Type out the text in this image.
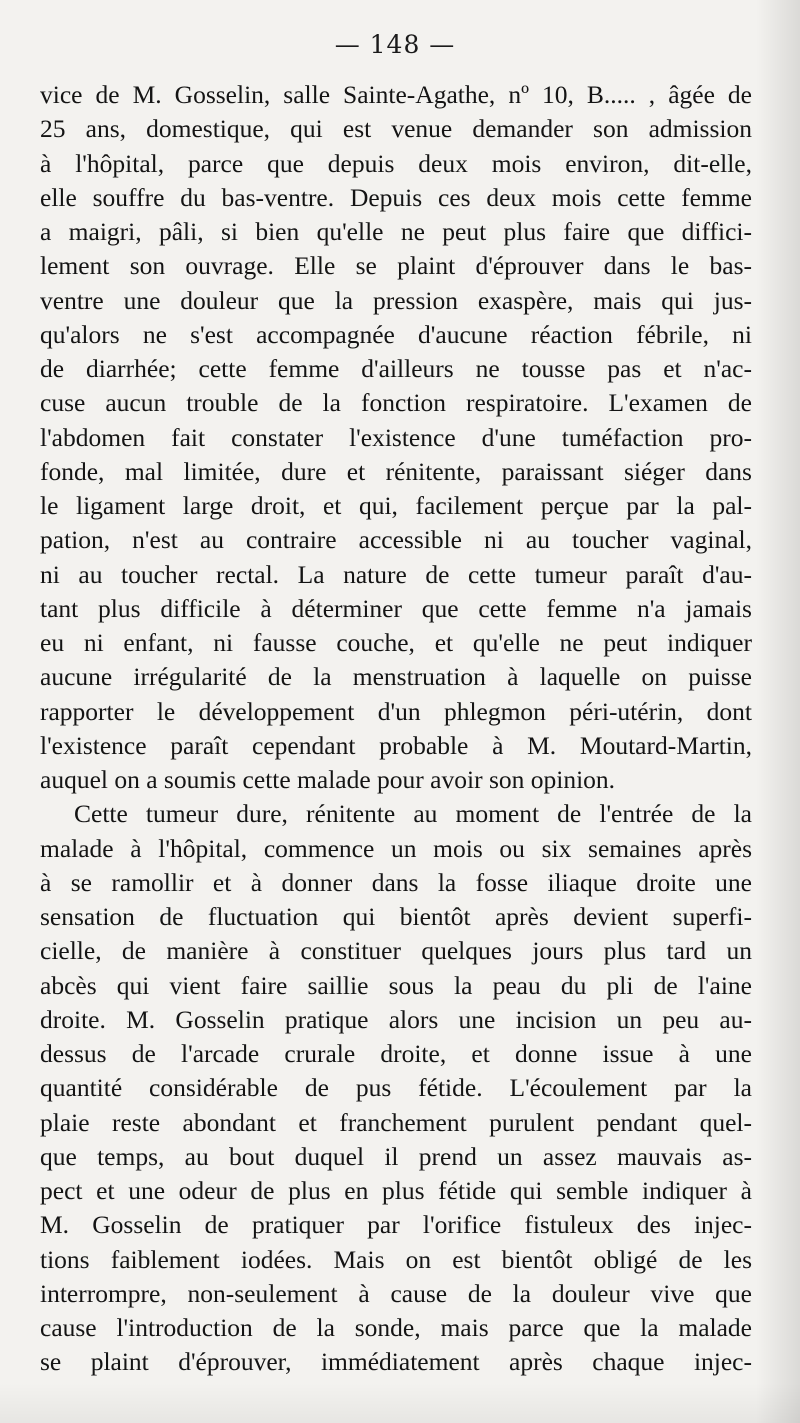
— 148 —
vice de M. Gosselin, salle Sainte-Agathe, nº 10, B..... , âgée de
25 ans, domestique, qui est venue demander son admission
à l'hôpital, parce que depuis deux mois environ, dit-elle,
elle souffre du bas-ventre. Depuis ces deux mois cette femme
a maigri, pâli, si bien qu'elle ne peut plus faire que diffici-
lement son ouvrage. Elle se plaint d'éprouver dans le bas-
ventre une douleur que la pression exaspère, mais qui jus-
qu'alors ne s'est accompagnée d'aucune réaction fébrile, ni
de diarrhée; cette femme d'ailleurs ne tousse pas et n'ac-
cuse aucun trouble de la fonction respiratoire. L'examen de
l'abdomen fait constater l'existence d'une tuméfaction pro-
fonde, mal limitée, dure et rénitente, paraissant siéger dans
le ligament large droit, et qui, facilement perçue par la pal-
pation, n'est au contraire accessible ni au toucher vaginal,
ni au toucher rectal. La nature de cette tumeur paraît d'au-
tant plus difficile à déterminer que cette femme n'a jamais
eu ni enfant, ni fausse couche, et qu'elle ne peut indiquer
aucune irrégularité de la menstruation à laquelle on puisse
rapporter le développement d'un phlegmon péri-utérin, dont
l'existence paraît cependant probable à M. Moutard-Martin,
auquel on a soumis cette malade pour avoir son opinion.
Cette tumeur dure, rénitente au moment de l'entrée de la
malade à l'hôpital, commence un mois ou six semaines après
à se ramollir et à donner dans la fosse iliaque droite une
sensation de fluctuation qui bientôt après devient superfi-
cielle, de manière à constituer quelques jours plus tard un
abcès qui vient faire saillie sous la peau du pli de l'aine
droite. M. Gosselin pratique alors une incision un peu au-
dessus de l'arcade crurale droite, et donne issue à une
quantité considérable de pus fétide. L'écoulement par la
plaie reste abondant et franchement purulent pendant quel-
que temps, au bout duquel il prend un assez mauvais as-
pect et une odeur de plus en plus fétide qui semble indiquer à
M. Gosselin de pratiquer par l'orifice fistuleux des injec-
tions faiblement iodées. Mais on est bientôt obligé de les
interrompre, non-seulement à cause de la douleur vive que
cause l'introduction de la sonde, mais parce que la malade
se plaint d'éprouver, immédiatement après chaque injec-
